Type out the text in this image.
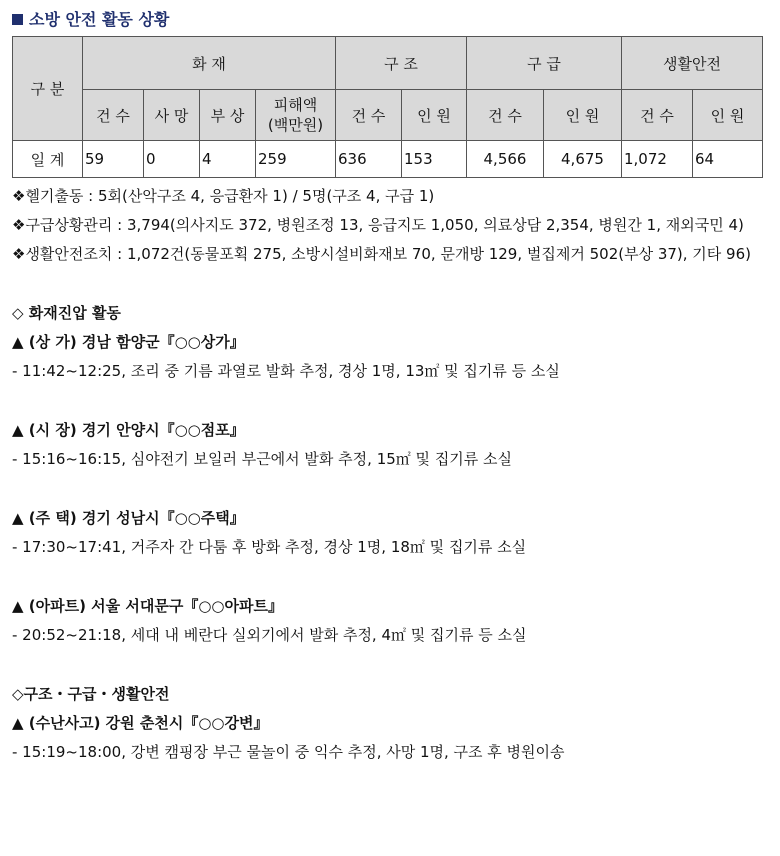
소방 안전 활동 상황
구 분	화 재				구 조		구 급		생활안전	
	건 수	사 망	부 상	피해액
(백만원)	건 수	인 원	건 수	인 원	건 수	인 원
일 계	59	0	4	259	636	153	4,566	4,675	1,072	64
❖헬기출동 : 5회(산악구조 4, 응급환자 1) / 5명(구조 4, 구급 1)
❖구급상황관리 : 3,794(의사지도 372, 병원조정 13, 응급지도 1,050, 의료상담 2,354, 병원간 1, 재외국민 4)
❖생활안전조치 : 1,072건(동물포획 275, 소방시설비화재보 70, 문개방 129, 벌집제거 502(부상 37), 기타 96)
◇ 화재진압 활동
▲ (상 가) 경남 함양군『○○상가』
- 11:42~12:25, 조리 중 기름 과열로 발화 추정, 경상 1명, 13㎡ 및 집기류 등 소실
▲ (시 장) 경기 안양시『○○점포』
- 15:16~16:15, 심야전기 보일러 부근에서 발화 추정, 15㎡ 및 집기류 소실
▲ (주 택) 경기 성남시『○○주택』
- 17:30~17:41, 거주자 간 다툼 후 방화 추정, 경상 1명, 18㎡ 및 집기류 소실
▲ (아파트) 서울 서대문구『○○아파트』
- 20:52~21:18, 세대 내 베란다 실외기에서 발화 추정, 4㎡ 및 집기류 등 소실
◇구조・구급・생활안전
▲ (수난사고) 강원 춘천시『○○강변』
- 15:19~18:00, 강변 캠핑장 부근 물놀이 중 익수 추정, 사망 1명, 구조 후 병원이송
